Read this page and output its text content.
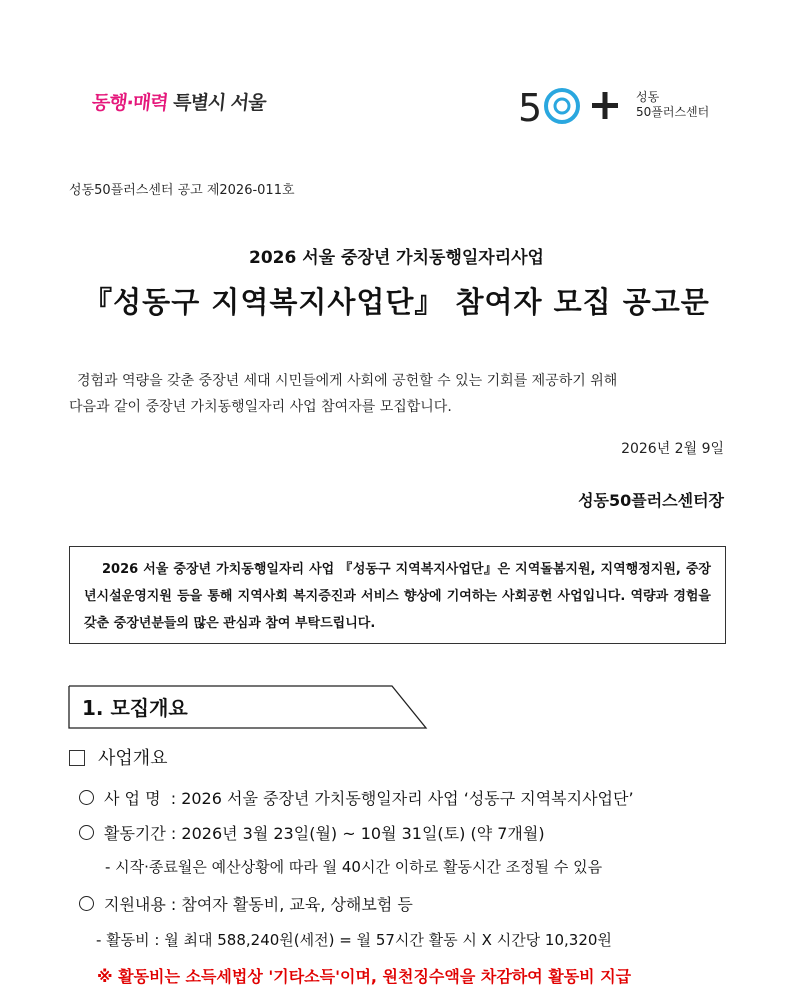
동행·매력 특별시 서울	5	성동
50플러스센터
성동50플러스센터 공고 제2026-011호
2026 서울 중장년 가치동행일자리사업
『성동구 지역복지사업단』 참여자 모집 공고문

경험과 역량을 갖춘 중장년 세대 시민들에게 사회에 공헌할 수 있는 기회를 제공하기 위해

다음과 같이 중장년 가치동행일자리 사업 참여자를 모집합니다.

2026년 2월 9일
성동50플러스센터장

2026 서울 중장년 가치동행일자리 사업 『성동구 지역복지사업단』은 지역돌봄지원, 지역행정지원, 중장년시설운영지원 등을 통해 지역사회 복지증진과 서비스 향상에 기여하는 사회공헌 사업입니다. 역량과 경험을 갖춘 중장년분들의 많은 관심과 참여 부탁드립니다.

1. 모집개요
사업개요
사 업 명 : 2026 서울 중장년 가치동행일자리 사업 ‘성동구 지역복지사업단’
활동기간 : 2026년 3월 23일(월) ~ 10월 31일(토) (약 7개월)
- 시작·종료월은 예산상황에 따라 월 40시간 이하로 활동시간 조정될 수 있음
지원내용 : 참여자 활동비, 교육, 상해보험 등
- 활동비 : 월 최대 588,240원(세전) = 월 57시간 활동 시 X 시간당 10,320원
※ 활동비는 소득세법상 '기타소득'이며, 원천징수액을 차감하여 활동비 지급
